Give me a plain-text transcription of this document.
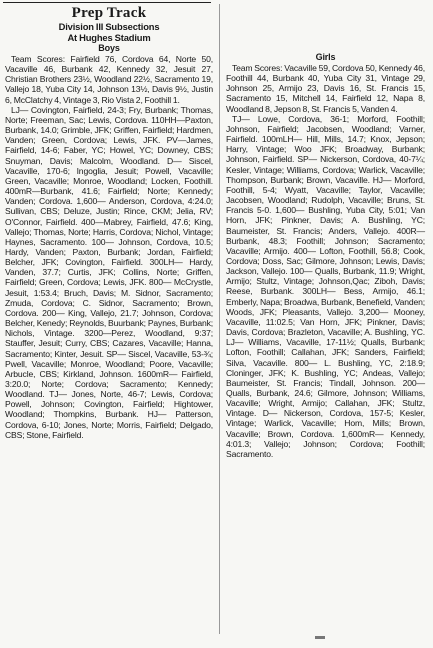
Prep Track
Division III Subsections
At Hughes Stadium
Boys

Team Scores: Fairfield 76, Cordova 64, Norte 50, Vacaville 46, Burbank 42, Kennedy 32, Jesuit 27, Christian Brothers 23½, Woodland 22½, Sacramento 19, Vallejo 18, Yuba City 14, Johnson 13½, Davis 9½, Justin 6, McClatchy 4, Vintage 3, Rio Vista 2, Foothill 1.

LJ— Covington, Fairfield, 24-3; Fry, Burbank; Thomas, Norte; Freeman, Sac; Lewis, Cordova. 110HH—Paxton, Burbank, 14.0; Grimble, JFK; Griffen, Fairfield; Hardmen, Vanden; Green, Cordova; Lewis, JFK. PV—James, Fairfield, 14-6; Faber, YC; Howel, YC; Downey, CBS; Snuyman, Davis; Malcolm, Woodland. D— Siscel, Vacaville, 170-6; Ingoglia, Jesuit; Powell, Vacaville; Green, Vacaville; Monroe, Woodland; Locken, Foothill. 400mR—Burbank, 41.6; Fairfield; Norte; Kennedy; Vanden; Cordova. 1,600— Anderson, Cordova, 4:24.0; Sullivan, CBS; Deluze, Justin; Rince, CKM; Jelia, RV; O'Connor, Fairfield. 400—Mabrey, Fairfield, 47.6; King, Vallejo; Thomas, Norte; Harris, Cordova; Nichol, Vintage; Haynes, Sacramento. 100— Johnson, Cordova, 10.5; Hardy, Vanden; Paxton, Burbank; Jordan, Fairfield; Belcher, JFK; Covington, Fairfield. 300LH— Hardy, Vanden, 37.7; Curtis, JFK; Collins, Norte; Griffen, Fairfield; Green, Cordova; Lewis, JFK. 800— McCrystle, Jesuit, 1:53.4; Bruch, Davis; M. Sidnor, Sacramento; Zmuda, Cordova; C. Sidnor, Sacramento; Brown, Cordova. 200— King, Vallejo, 21.7; Johnson, Cordova; Belcher, Kenedy; Reynolds, Buurbank; Paynes, Burbank; Nichols, Vintage. 3200—Perez, Woodland, 9:37; Stauffer, Jesuit; Curry, CBS; Cazares, Vacaville; Hanna, Sacramento; Kinter, Jesuit. SP— Siscel, Vacaville, 53-¾; Pwell, Vacaville; Monroe, Woodland; Poore, Vacaville; Arbucle, CBS; Kirkland, Johnson. 1600mR— Fairfield, 3:20.0; Norte; Cordova; Sacramento; Kennedy; Woodland. TJ— Jones, Norte, 46-7; Lewis, Cordova; Powell, Johnson; Covington, Fairfield; Hightower, Woodland; Thompkins, Burbank. HJ— Patterson, Cordova, 6-10; Jones, Norte; Morris, Fairfield; Delgado, CBS; Stone, Fairfield.

Girls

Team Scores: Vacaville 59, Cordova 50, Kennedy 46, Foothill 44, Burbank 40, Yuba City 31, Vintage 29, Johnson 25, Armijo 23, Davis 16, St. Francis 15, Sacramento 15, Mitchell 14, Fairfield 12, Napa 8, Woodland 8, Jepson 8, St. Francis 5, Vanden 4.

TJ— Lowe, Cordova, 36-1; Morford, Foothill; Johnson, Fairfield; Jacobsen, Woodland; Varner, Fairfield. 100mLH— Hill, Mills, 14.7; Knox, Jepson; Harry, Vintage; Woo JFK; Broadway, Burbank; Johnson, Fairfield. SP— Nickerson, Cordova, 40-7¼; Kesler, Vintage; Williams, Cordova; Warlick, Vacaville; Thompson, Burbank; Brown, Vacaville. HJ— Morford, Foothill, 5-4; Wyatt, Vacaville; Taylor, Vacaville; Jacobsen, Woodland; Rudolph, Vacaville; Bruns, St. Francis 5-0. 1,600— Bushling, Yuba City, 5:01; Van Horn, JFK; Pinkner, Davis; A. Bushling, YC; Baumeister, St. Francis; Anders, Vallejo. 400R— Burbank, 48.3; Foothill; Johnson; Sacramento; Vacaville; Armijo. 400— Lofton, Foothill, 56.8; Cook, Cordova; Doss, Sac; Gilmore, Johnson; Lewis, Davis; Jackson, Vallejo. 100— Qualls, Burbank, 11.9; Wright, Armijo; Stultz, Vintage; Johnson,Qac; Ziboh, Davis; Reese, Burbank. 300LH— Bess, Armijo, 46.1; Emberly, Napa; Broadwa, Burbank, Benefield, Vanden; Woods, JFK; Pleasants, Vallejo. 3,200— Mooney, Vacaville, 11:02.5; Van Horn, JFK; Pinkner, Davis; Davis, Cordova; Brazleton, Vacaville; A. Bushling, YC. LJ— Williams, Vacaville, 17-11½; Qualls, Burbank; Lofton, Foothill; Callahan, JFK; Sanders, Fairfield; Silva, Vacaville. 800— L. Bushling, YC, 2:18.9; Cloninger, JFK; K. Bushling, YC; Andeas, Vallejo; Baumeister, St. Francis; Tindall, Johnson. 200— Qualls, Burbank, 24.6; Gilmore, Johnson; Williams, Vacaville; Wright, Armijo; Callahan, JFK; Stultz, Vintage. D— Nickerson, Cordova, 157-5; Kesler, Vintage; Warlick, Vacaville; Hom, Mills; Brown, Vacaville; Brown, Cordova. 1,600mR— Kennedy, 4:01.3; Vallejo; Johnson; Cordova; Foothill; Sacramento.
